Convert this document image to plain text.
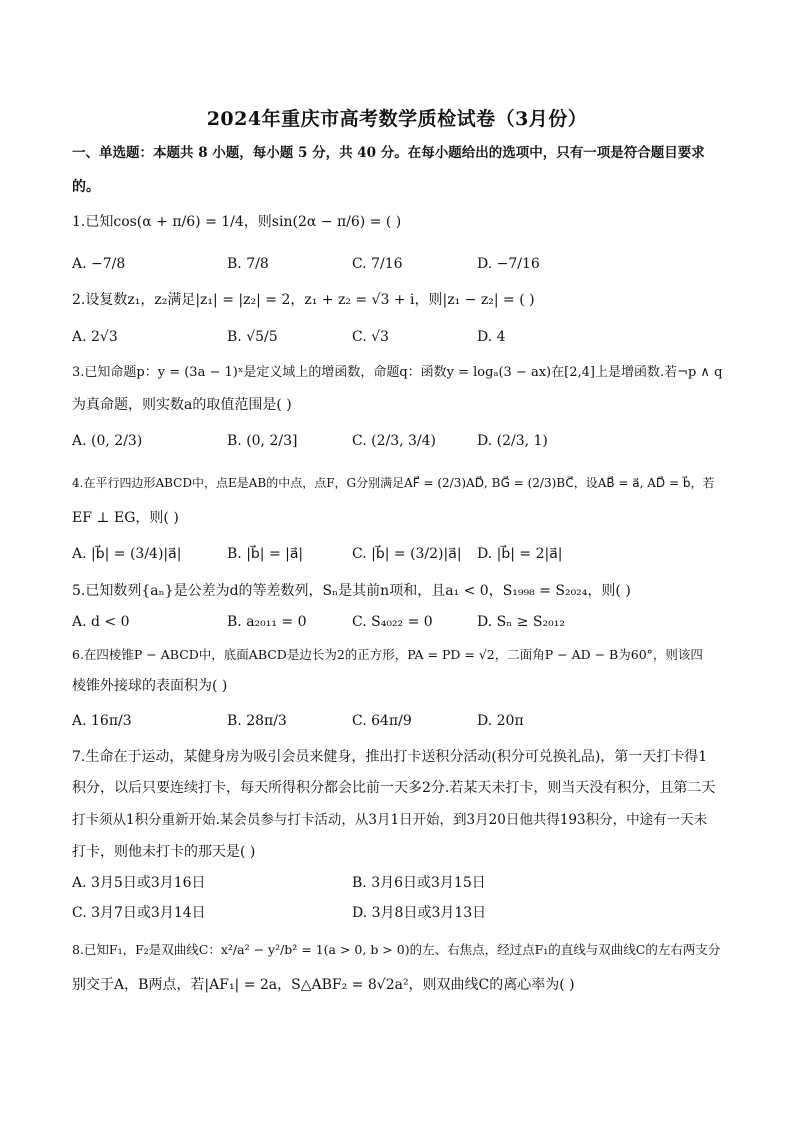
2024年重庆市高考数学质检试卷（3月份）
一、单选题：本题共 8 小题，每小题 5 分，共 40 分。在每小题给出的选项中，只有一项是符合题目要求
的。
1.已知cos(α + π/6) = 1/4，则sin(2α − π/6) = ( )
A. −7/8	B. 7/8	C. 7/16	D. −7/16
2.设复数z₁，z₂满足|z₁| = |z₂| = 2，z₁ + z₂ = √3 + i，则|z₁ − z₂| = ( )
A. 2√3	B. √5/5	C. √3	D. 4
3.已知命题p：y = (3a − 1)ˣ是定义域上的增函数，命题q：函数y = logₐ(3 − ax)在[2,4]上是增函数.若¬p ∧ q
为真命题，则实数a的取值范围是( )
A. (0, 2/3)	B. (0, 2/3]	C. (2/3, 3/4)	D. (2/3, 1)
4.在平行四边形ABCD中，点E是AB的中点，点F，G分别满足AF⃗ = (2/3)AD⃗, BG⃗ = (2/3)BC⃗，设AB⃗ = a⃗, AD⃗ = b⃗，若
EF ⊥ EG，则( )
A. |b⃗| = (3/4)|a⃗|	B. |b⃗| = |a⃗|	C. |b⃗| = (3/2)|a⃗| D. |b⃗| = 2|a⃗|
5.已知数列{aₙ}是公差为d的等差数列，Sₙ是其前n项和，且a₁ < 0，S₁₉₉₈ = S₂₀₂₄，则( )
A. d < 0	B. a₂₀₁₁ = 0	C. S₄₀₂₂ = 0	D. Sₙ ≥ S₂₀₁₂
6.在四棱锥P − ABCD中，底面ABCD是边长为2的正方形，PA = PD = √2，二面角P − AD − B为60°，则该四
棱锥外接球的表面积为( )
A. 16π/3	B. 28π/3	C. 64π/9	D. 20π
7.生命在于运动，某健身房为吸引会员来健身，推出打卡送积分活动(积分可兑换礼品)，第一天打卡得1
积分，以后只要连续打卡，每天所得积分都会比前一天多2分.若某天未打卡，则当天没有积分，且第二天
打卡须从1积分重新开始.某会员参与打卡活动，从3月1日开始，到3月20日他共得193积分，中途有一天未
打卡，则他未打卡的那天是( )
A. 3月5日或3月16日	B. 3月6日或3月15日
C. 3月7日或3月14日	D. 3月8日或3月13日
8.已知F₁，F₂是双曲线C：x²/a² − y²/b² = 1(a > 0, b > 0)的左、右焦点，经过点F₁的直线与双曲线C的左右两支分
别交于A，B两点，若|AF₁| = 2a，S△ABF₂ = 8√2a²，则双曲线C的离心率为( )
